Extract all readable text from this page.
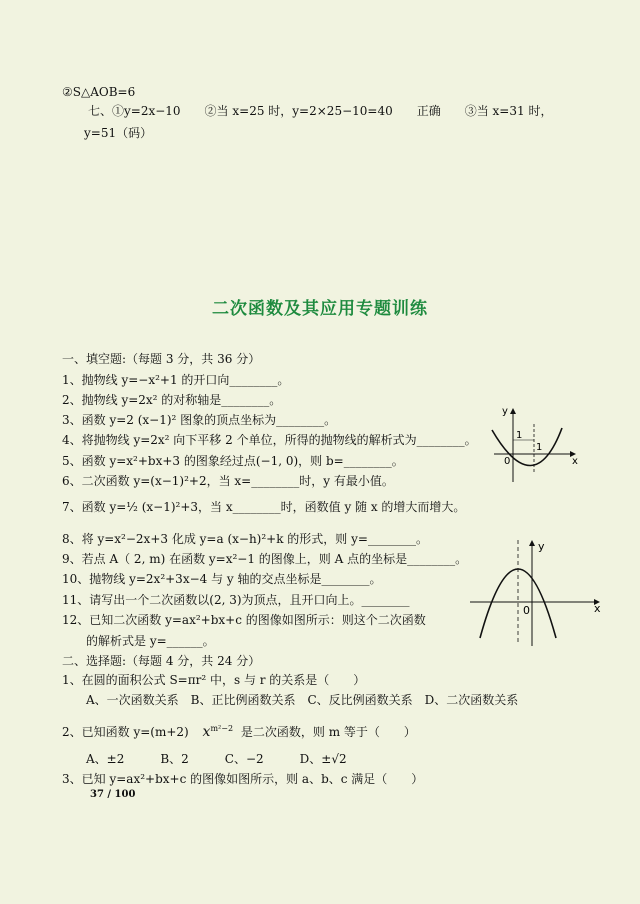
②S△AOB=6
七、①y=2x−10　　②当 x=25 时，y=2×25−10=40　　正确　　③当 x=31 时，
y=51（码）
二次函数及其应用专题训练
一、填空题:（每题 3 分，共 36 分）
1、抛物线 y=−x²+1 的开口向________。
2、抛物线 y=2x² 的对称轴是________。
3、函数 y=2 (x−1)² 图象的顶点坐标为________。
4、将抛物线 y=2x² 向下平移 2 个单位，所得的抛物线的解析式为________。
5、函数 y=x²+bx+3 的图象经过点(−1, 0)，则 b=________。
6、二次函数 y=(x−1)²+2，当 x=________时，y 有最小值。
7、函数 y=½ (x−1)²+3，当 x________时，函数值 y 随 x 的增大而增大。
8、将 y=x²−2x+3 化成 y=a (x−h)²+k 的形式，则 y=________。
9、若点 A（ 2, m) 在函数 y=x²−1 的图像上，则 A 点的坐标是________。
10、抛物线 y=2x²+3x−4 与 y 轴的交点坐标是________。
11、请写出一个二次函数以(2, 3)为顶点，且开口向上。________
12、已知二次函数 y=ax²+bx+c 的图像如图所示：则这个二次函数
的解析式是 y=______。
二、选择题:（每题 4 分，共 24 分）
1、在圆的面积公式 S=πr² 中，s 与 r 的关系是（　　）
A、一次函数关系　B、正比例函数关系　C、反比例函数关系　D、二次函数关系
2、已知函数 y=(m+2) $x^{m^2-2}$ 是二次函数，则 m 等于（　　）
A、±2　　　B、2　　　C、−2　　　D、±√2
3、已知 y=ax²+bx+c 的图像如图所示，则 a、b、c 满足（　　）
y
x
1
1
0
y
x
0
37 / 100
